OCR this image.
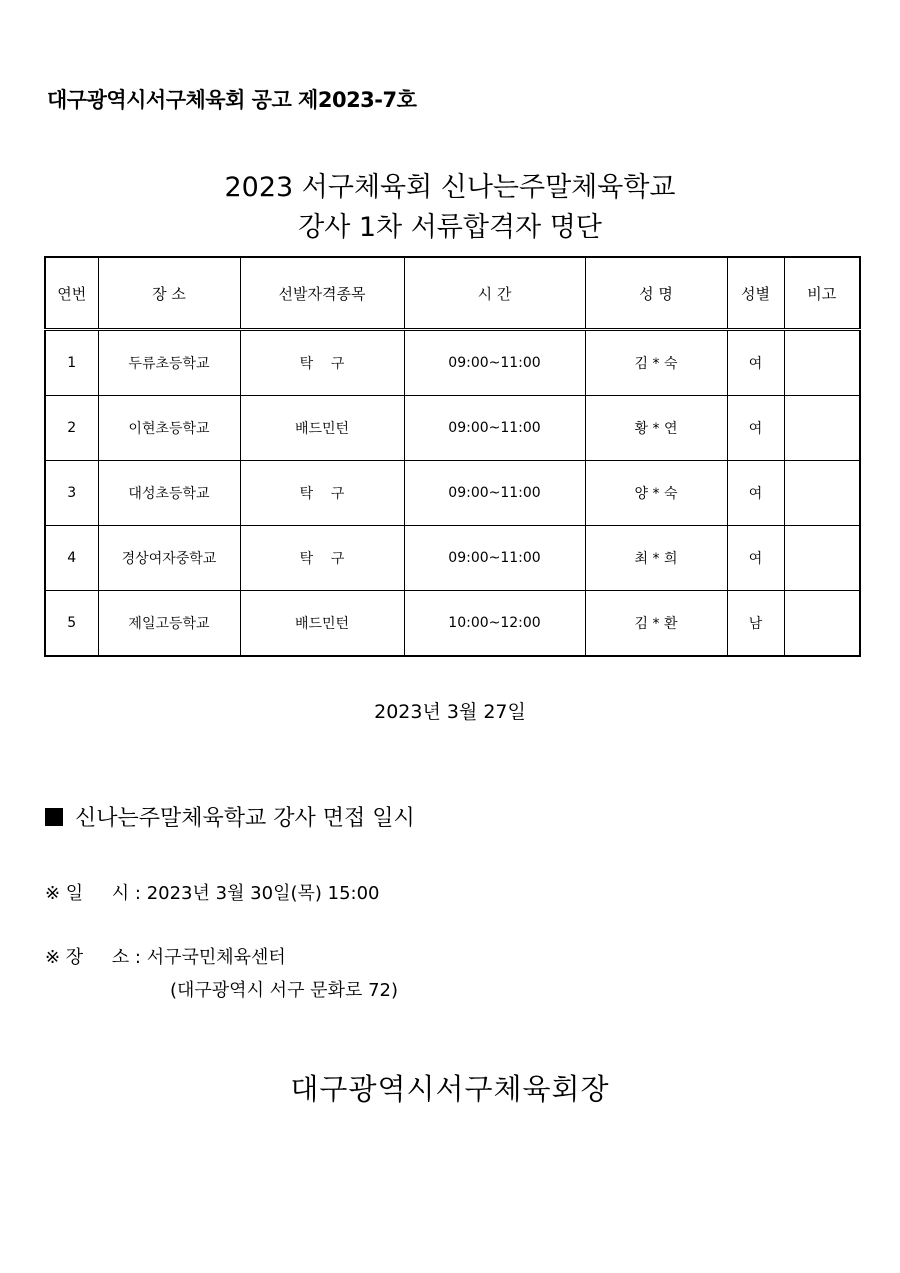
대구광역시서구체육회 공고 제2023-7호
2023 서구체육회 신나는주말체육학교
강사 1차 서류합격자 명단
연번	장 소	선발자격종목	시 간	성 명	성별	비고
1	두류초등학교	탁    구	09:00~11:00	김 * 숙	여	
2	이현초등학교	배드민턴	09:00~11:00	황 * 연	여	
3	대성초등학교	탁    구	09:00~11:00	양 * 숙	여	
4	경상여자중학교	탁    구	09:00~11:00	최 * 희	여	
5	제일고등학교	배드민턴	10:00~12:00	김 * 환	남	
2023년 3월 27일
신나는주말체육학교 강사 면접 일시
※ 일     시 : 2023년 3월 30일(목) 15:00
※ 장     소 : 서구국민체육센터
(대구광역시 서구 문화로 72)
대구광역시서구체육회장
